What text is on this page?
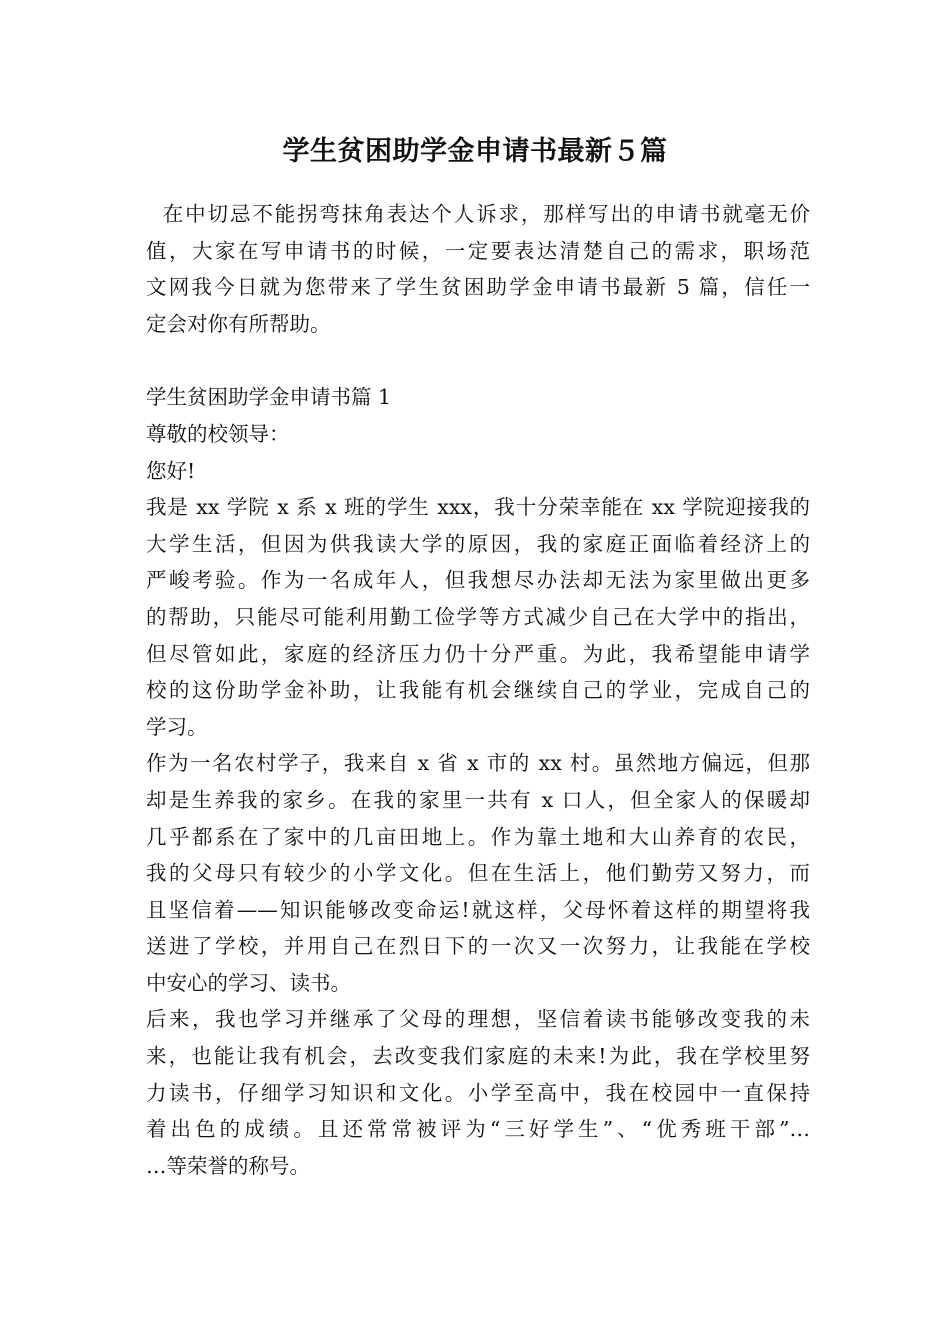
学生贫困助学金申请书最新５篇
在中切忌不能拐弯抹角表达个人诉求，那样写出的申请书就毫无价
值，大家在写申请书的时候，一定要表达清楚自己的需求，职场范
文网我今日就为您带来了学生贫困助学金申请书最新 5 篇，信任一
定会对你有所帮助。
学生贫困助学金申请书篇 1
尊敬的校领导：
您好!
我是 xx 学院 x 系 x 班的学生 xxx，我十分荣幸能在 xx 学院迎接我的
大学生活，但因为供我读大学的原因，我的家庭正面临着经济上的
严峻考验。作为一名成年人，但我想尽办法却无法为家里做出更多
的帮助，只能尽可能利用勤工俭学等方式减少自己在大学中的指出，
但尽管如此，家庭的经济压力仍十分严重。为此，我希望能申请学
校的这份助学金补助，让我能有机会继续自己的学业，完成自己的
学习。
作为一名农村学子，我来自 x 省 x 市的 xx 村。虽然地方偏远，但那
却是生养我的家乡。在我的家里一共有 x 口人，但全家人的保暖却
几乎都系在了家中的几亩田地上。作为靠土地和大山养育的农民，
我的父母只有较少的小学文化。但在生活上，他们勤劳又努力，而
且坚信着——知识能够改变命运!就这样，父母怀着这样的期望将我
送进了学校，并用自己在烈日下的一次又一次努力，让我能在学校
中安心的学习、读书。
后来，我也学习并继承了父母的理想，坚信着读书能够改变我的未
来，也能让我有机会，去改变我们家庭的未来!为此，我在学校里努
力读书，仔细学习知识和文化。小学至高中，我在校园中一直保持
着出色的成绩。且还常常被评为“三好学生”、“优秀班干部”…
…等荣誉的称号。
